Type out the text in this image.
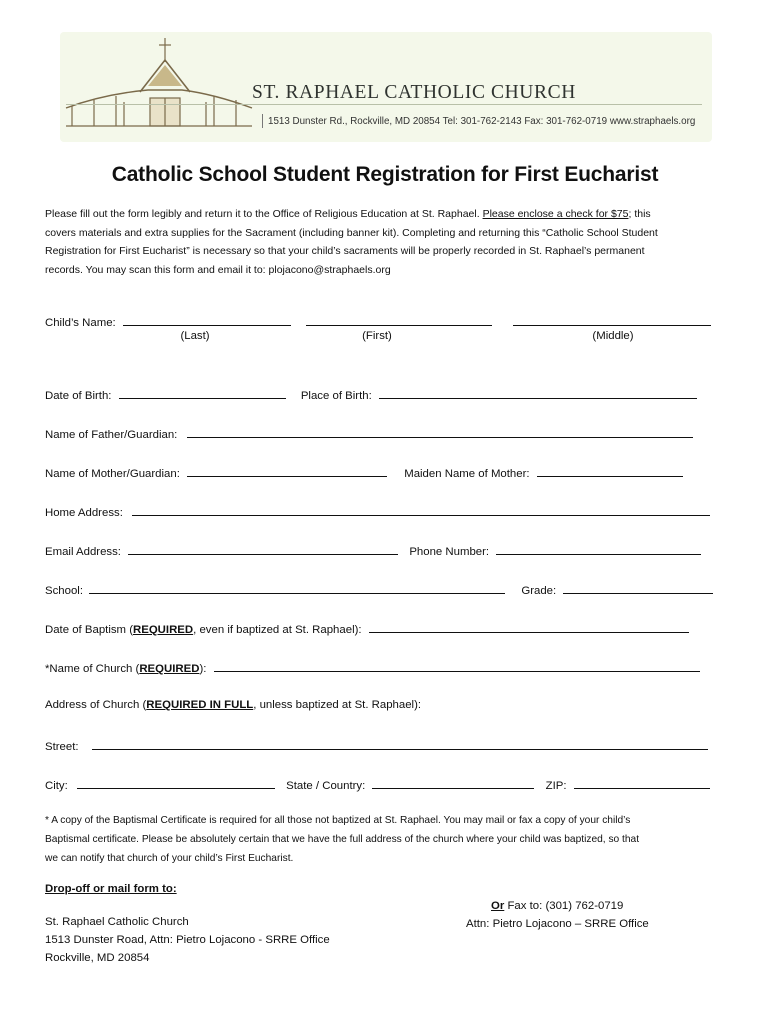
ST. RAPHAEL CATHOLIC CHURCH
1513 Dunster Rd., Rockville, MD 20854 Tel: 301-762-2143 Fax: 301-762-0719 www.straphaels.org
Catholic School Student Registration for First Eucharist

Please fill out the form legibly and return it to the Office of Religious Education at St. Raphael. Please enclose a check for $75; this

covers materials and extra supplies for the Sacrament (including banner kit). Completing and returning this “Catholic School Student

Registration for First Eucharist” is necessary so that your child’s sacraments will be properly recorded in St. Raphael’s permanent

records. You may scan this form and email it to: plojacono@straphaels.org

Child’s Name:
(Last)	(First)	(Middle)
Date of Birth:	Place of Birth:
Name of Father/Guardian:
Name of Mother/Guardian:	Maiden Name of Mother:
Home Address:
Email Address:	Phone Number:
School:	Grade:
Date of Baptism (REQUIRED, even if baptized at St. Raphael):
*Name of Church (REQUIRED):
Address of Church (REQUIRED IN FULL, unless baptized at St. Raphael):
Street:
City:	State / Country:	ZIP:

* A copy of the Baptismal Certificate is required for all those not baptized at St. Raphael. You may mail or fax a copy of your child’s

Baptismal certificate. Please be absolutely certain that we have the full address of the church where your child was baptized, so that

we can notify that church of your child’s First Eucharist.

Drop-off or mail form to:
St. Raphael Catholic Church
1513 Dunster Road, Attn: Pietro Lojacono - SRRE Office
Rockville, MD 20854
Or Fax to: (301) 762-0719
Attn: Pietro Lojacono – SRRE Office
